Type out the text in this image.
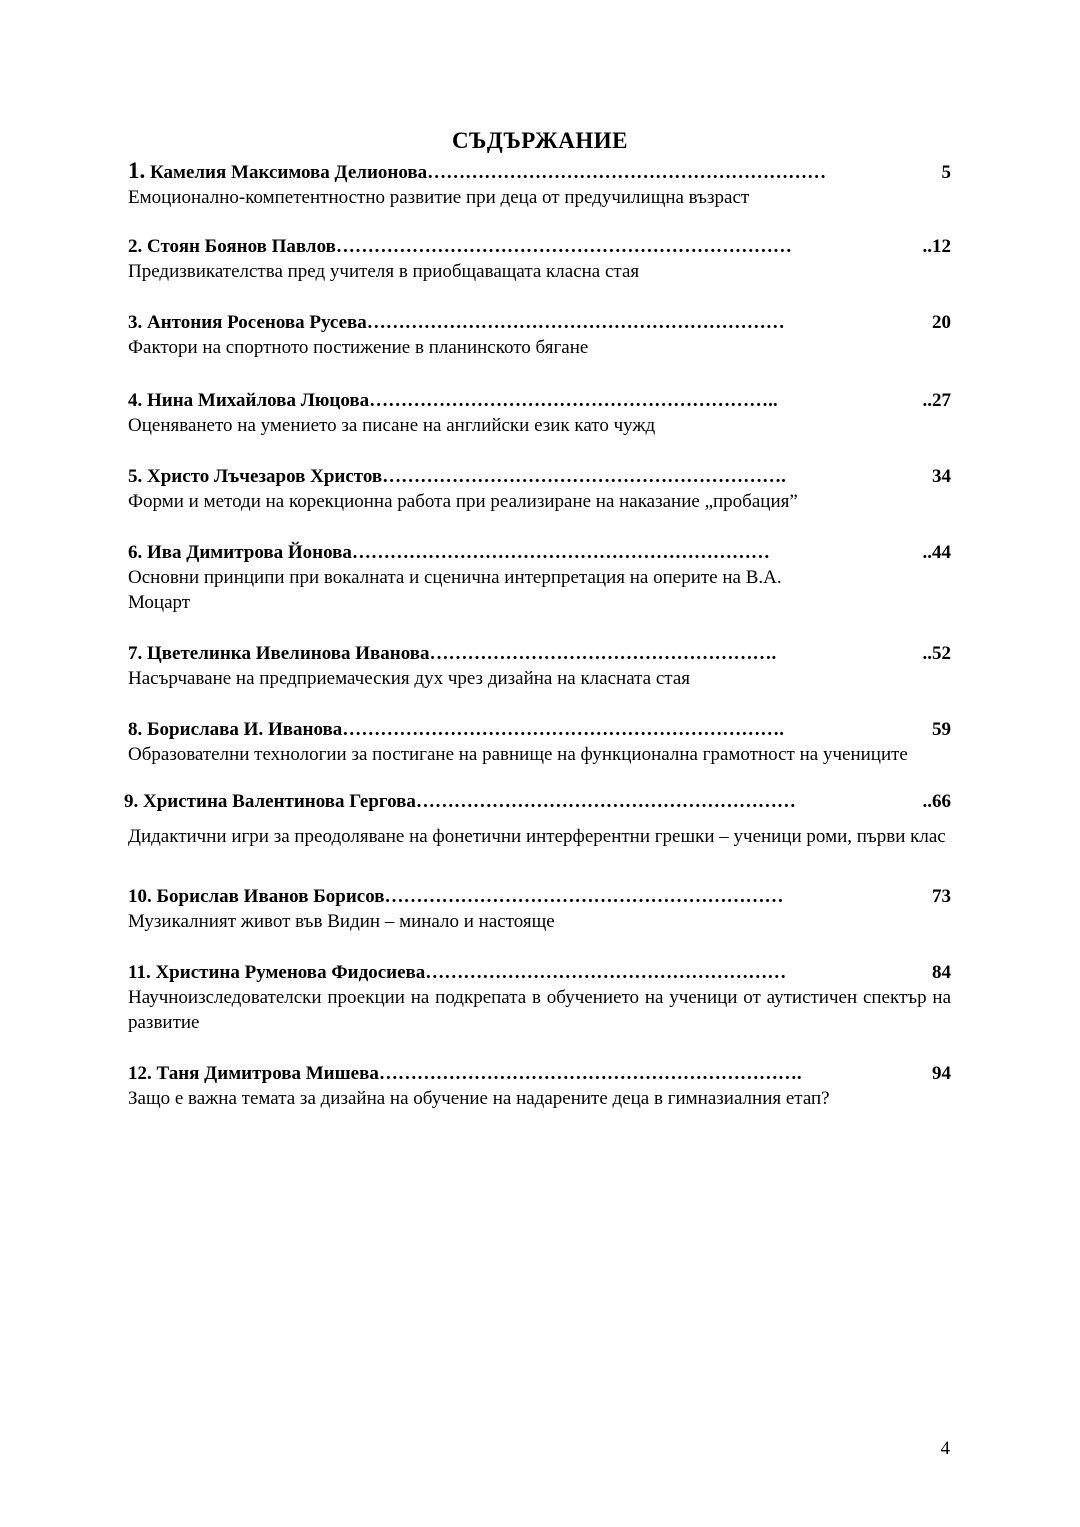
СЪДЪРЖАНИЕ
1.
Камелия Максимова Делионова ………………………………………………………	5
Емоционално-компетентностно развитие при деца от предучилищна възраст
2.
Стоян Боянов Павлов ………………………………………………………………	..12
Предизвикателства пред учителя в приобщаващата класна стая
3.
Антония Росенова Русева …………………………………………………………	20
Фактори на спортното постижение в планинското бягане
4.
Нина Михайлова Люцова ………………………………………………………..	..27
Оценяването на умението за писане на английски език като чужд
5.
Христо Лъчезаров Христов ……………………………………………………….	34
Форми и методи на корекционна работа при реализиране на наказание „пробация”
6.
Ива Димитрова Йонова …………………………………………………………	..44
Основни принципи при вокалната и сценична интерпретация на оперите на В.А. Моцарт
7.
Цветелинка Ивелинова Иванова ……………………………………………….	..52
Насърчаване на предприемаческия дух чрез дизайна на класната стая
8.
Борислава И. Иванова …………………………………………………………….	59
Образователни технологии за постигане на равнище на функционална грамотност на учениците
9.
Христина Валентинова Гергова ……………………………………………………	..66
Дидактични игри за преодоляване на фонетични интерферентни грешки – ученици роми, първи клас
10.
Борислав Иванов Борисов ………………………………………………………	73
Музикалният живот във Видин – минало и настояще
11.
Христина Руменова Фидосиева …………………………………………………	84
Научноизследователски проекции на подкрепата в обучението на ученици от аутистичен спектър на развитие
12.
Таня Димитрова Мишева ………………………………………………………….	94
Защо е важна темата за дизайна на обучение на надарените деца в гимназиалния етап?
4
